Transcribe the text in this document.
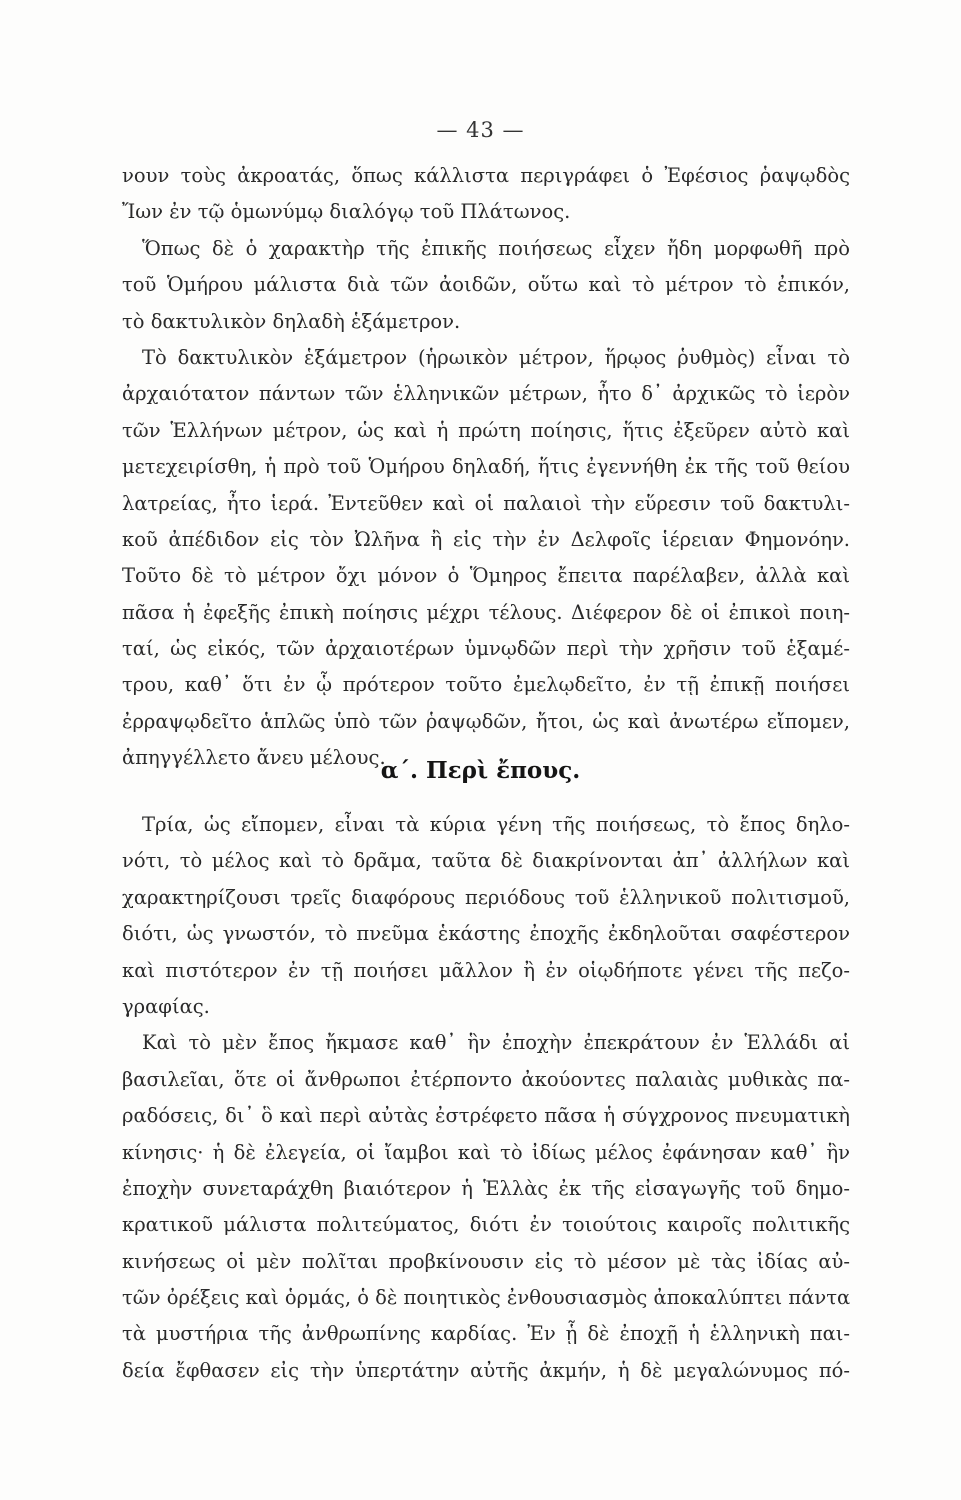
— 43 —
νουν τοὺς ἀκροατάς, ὅπως κάλλιστα περιγράφει ὁ Ἐφέσιος ῥαψῳδὸς
Ἴων ἐν τῷ ὁμωνύμῳ διαλόγῳ τοῦ Πλάτωνος.
Ὅπως δὲ ὁ χαρακτὴρ τῆς ἐπικῆς ποιήσεως εἶχεν ἤδη μορφωθῆ πρὸ
τοῦ Ὁμήρου μάλιστα διὰ τῶν ἀοιδῶν, οὕτω καὶ τὸ μέτρον τὸ ἐπικόν,
τὸ δακτυλικὸν δηλαδὴ ἑξάμετρον.
Τὸ δακτυλικὸν ἑξάμετρον (ἡρωικὸν μέτρον, ἥρῳος ῥυθμὸς) εἶναι τὸ
ἀρχαιότατον πάντων τῶν ἑλληνικῶν μέτρων, ἦτο δ᾽ ἀρχικῶς τὸ ἱερὸν
τῶν Ἑλλήνων μέτρον, ὡς καὶ ἡ πρώτη ποίησις, ἥτις ἐξεῦρεν αὐτὸ καὶ
μετεχειρίσθη, ἡ πρὸ τοῦ Ὁμήρου δηλαδή, ἥτις ἐγεννήθη ἐκ τῆς τοῦ θείου
λατρείας, ἦτο ἱερά. Ἐντεῦθεν καὶ οἱ παλαιοὶ τὴν εὕρεσιν τοῦ δακτυλι-
κοῦ ἀπέδιδον εἰς τὸν Ὠλῆνα ἢ εἰς τὴν ἐν Δελφοῖς ἱέρειαν Φημονόην.
Τοῦτο δὲ τὸ μέτρον ὄχι μόνον ὁ Ὅμηρος ἔπειτα παρέλαβεν, ἀλλὰ καὶ
πᾶσα ἡ ἐφεξῆς ἐπικὴ ποίησις μέχρι τέλους. Διέφερον δὲ οἱ ἐπικοὶ ποιη-
ταί, ὡς εἰκός, τῶν ἀρχαιοτέρων ὑμνῳδῶν περὶ τὴν χρῆσιν τοῦ ἑξαμέ-
τρου, καθ᾽ ὅτι ἐν ᾧ πρότερον τοῦτο ἐμελῳδεῖτο, ἐν τῇ ἐπικῇ ποιήσει
ἐρραψῳδεῖτο ἁπλῶς ὑπὸ τῶν ῥαψῳδῶν, ἤτοι, ὡς καὶ ἀνωτέρω εἴπομεν,
ἀπηγγέλλετο ἄνευ μέλους.
α΄. Περὶ ἔπους.
Τρία, ὡς εἴπομεν, εἶναι τὰ κύρια γένη τῆς ποιήσεως, τὸ ἔπος δηλο-
νότι, τὸ μέλος καὶ τὸ δρᾶμα, ταῦτα δὲ διακρίνονται ἀπ᾽ ἀλλήλων καὶ
χαρακτηρίζουσι τρεῖς διαφόρους περιόδους τοῦ ἑλληνικοῦ πολιτισμοῦ,
διότι, ὡς γνωστόν, τὸ πνεῦμα ἑκάστης ἐποχῆς ἐκδηλοῦται σαφέστερον
καὶ πιστότερον ἐν τῇ ποιήσει μᾶλλον ἢ ἐν οἱῳδήποτε γένει τῆς πεζο-
γραφίας.
Καὶ τὸ μὲν ἔπος ἤκμασε καθ᾽ ἣν ἐποχὴν ἐπεκράτουν ἐν Ἑλλάδι αἱ
βασιλεῖαι, ὅτε οἱ ἄνθρωποι ἐτέρποντο ἀκούοντες παλαιὰς μυθικὰς πα-
ραδόσεις, δι᾽ ὃ καὶ περὶ αὐτὰς ἐστρέφετο πᾶσα ἡ σύγχρονος πνευματικὴ
κίνησις· ἡ δὲ ἐλεγεία, οἱ ἴαμβοι καὶ τὸ ἰδίως μέλος ἐφάνησαν καθ᾽ ἣν
ἐποχὴν συνεταράχθη βιαιότερον ἡ Ἑλλὰς ἐκ τῆς εἰσαγωγῆς τοῦ δημο-
κρατικοῦ μάλιστα πολιτεύματος, διότι ἐν τοιούτοις καιροῖς πολιτικῆς
κινήσεως οἱ μὲν πολῖται προβκίνουσιν εἰς τὸ μέσον μὲ τὰς ἰδίας αὐ-
τῶν ὀρέξεις καὶ ὁρμάς, ὁ δὲ ποιητικὸς ἐνθουσιασμὸς ἀποκαλύπτει πάντα
τὰ μυστήρια τῆς ἀνθρωπίνης καρδίας. Ἐν ᾗ δὲ ἐποχῇ ἡ ἑλληνικὴ παι-
δεία ἔφθασεν εἰς τὴν ὑπερτάτην αὐτῆς ἀκμήν, ἡ δὲ μεγαλώνυμος πό-
